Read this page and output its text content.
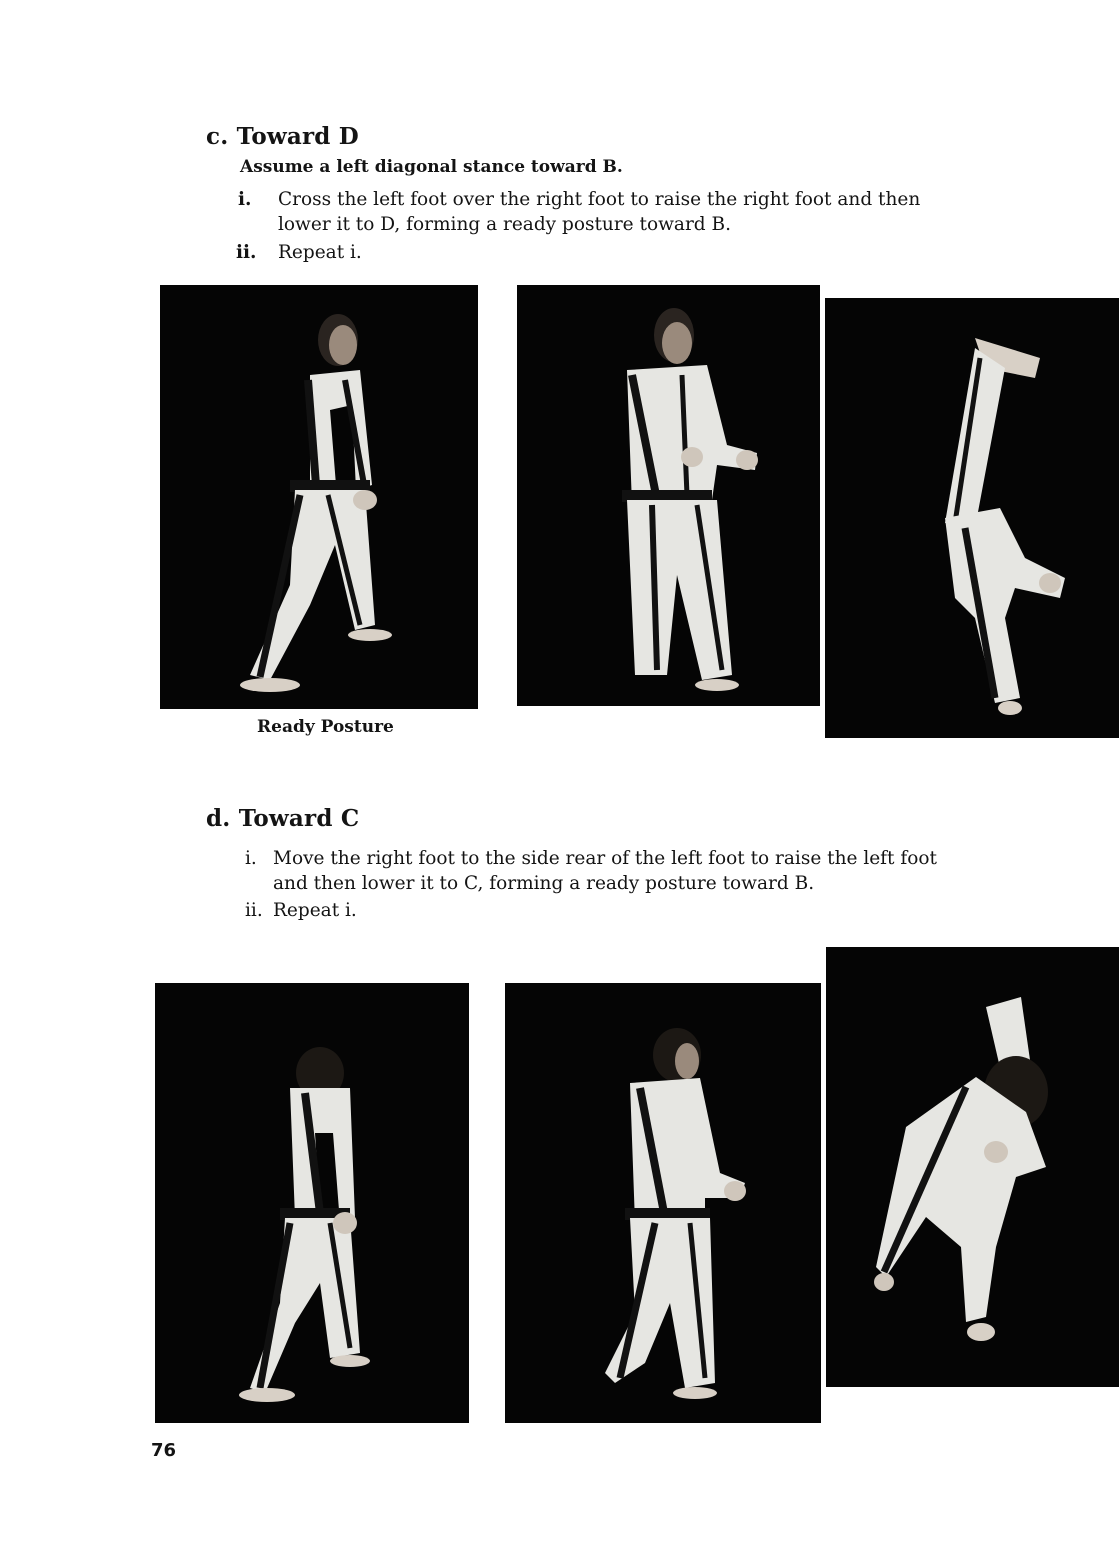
c. Toward D
Assume a left diagonal stance toward B.
i. Cross the left foot over the right foot to raise the right foot and then
lower it to D, forming a ready posture toward B.
ii. Repeat i.
Ready Posture
d. Toward C
i. Move the right foot to the side rear of the left foot to raise the left foot
and then lower it to C, forming a ready posture toward B.
ii. Repeat i.
76
